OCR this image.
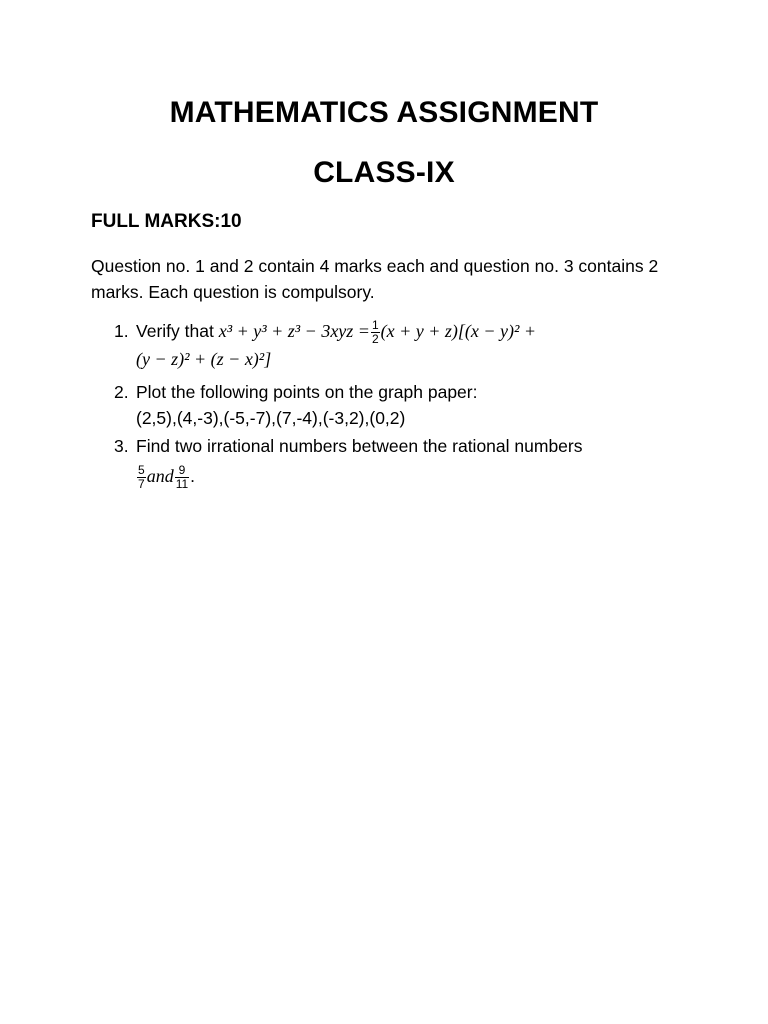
MATHEMATICS ASSIGNMENT
CLASS-IX
FULL MARKS:10
Question no. 1 and 2 contain 4 marks each and question no. 3 contains 2 marks. Each question is compulsory.
1. Verify that $x^3 + y^3 + z^3 - 3xyz = \frac{1}{2} (x + y + z)[(x - y)^2$ +
(y − z)² + (z − x)²]
2. Plot the following points on the graph paper:
(2,5),(4,-3),(-5,-7),(7,-4),(-3,2),(0,2)
3. Find two irrational numbers between the rational numbers
$\frac{5}{7}$ and $\frac{9}{11}$ .
